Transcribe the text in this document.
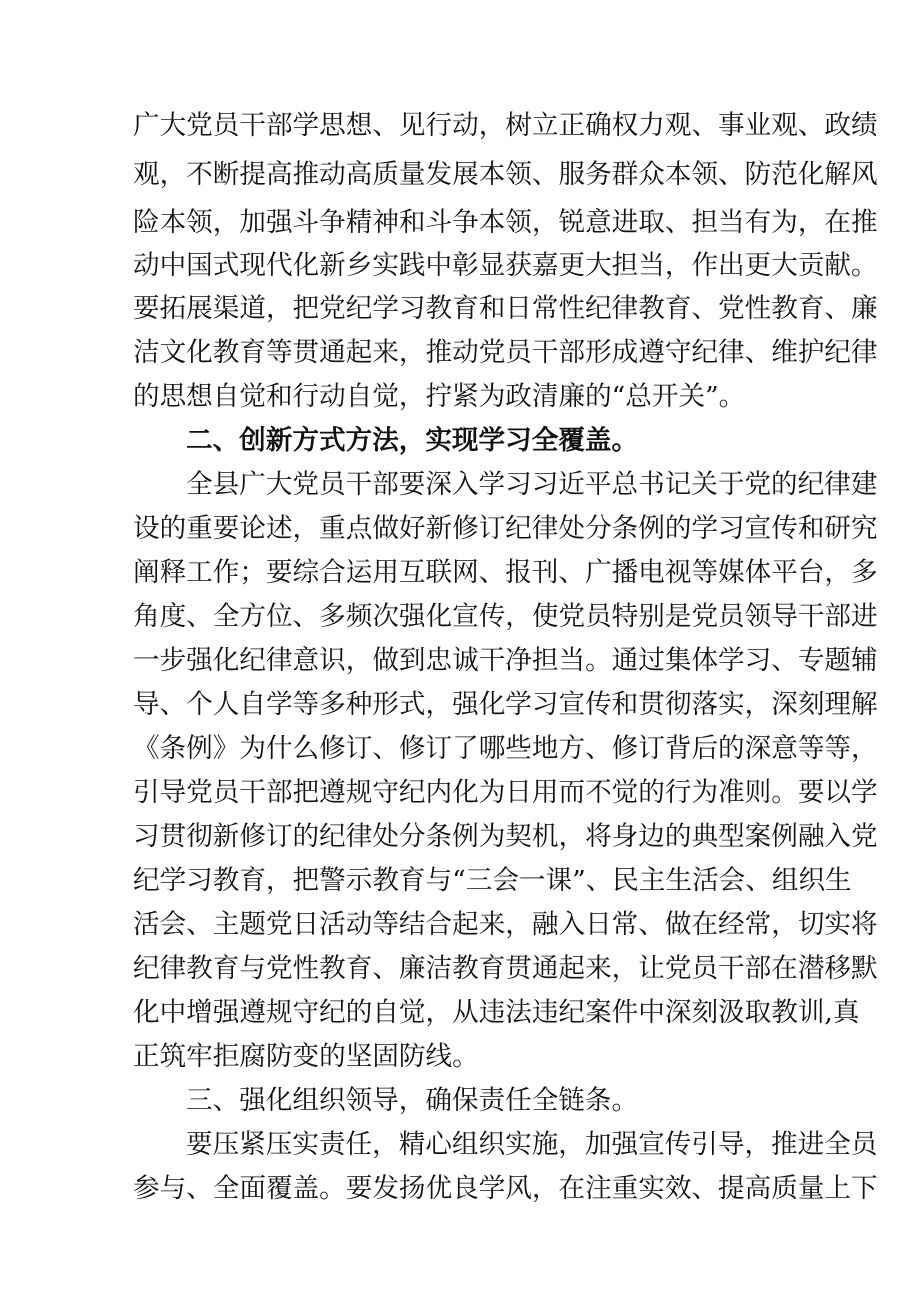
广大党员干部学思想、见行动，树立正确权力观、事业观、政绩
观，不断提高推动高质量发展本领、服务群众本领、防范化解风
险本领，加强斗争精神和斗争本领，锐意进取、担当有为，在推
动中国式现代化新乡实践中彰显获嘉更大担当，作出更大贡献。
要拓展渠道，把党纪学习教育和日常性纪律教育、党性教育、廉
洁文化教育等贯通起来，推动党员干部形成遵守纪律、维护纪律
的思想自觉和行动自觉，拧紧为政清廉的“总开关”。
二、创新方式方法，实现学习全覆盖。
全县广大党员干部要深入学习习近平总书记关于党的纪律建
设的重要论述，重点做好新修订纪律处分条例的学习宣传和研究
阐释工作；要综合运用互联网、报刊、广播电视等媒体平台，多
角度、全方位、多频次强化宣传，使党员特别是党员领导干部进
一步强化纪律意识，做到忠诚干净担当。通过集体学习、专题辅
导、个人自学等多种形式，强化学习宣传和贯彻落实，深刻理解
《条例》为什么修订、修订了哪些地方、修订背后的深意等等，
引导党员干部把遵规守纪内化为日用而不觉的行为准则。要以学
习贯彻新修订的纪律处分条例为契机，将身边的典型案例融入党
纪学习教育，把警示教育与“三会一课”、民主生活会、组织生
活会、主题党日活动等结合起来，融入日常、做在经常，切实将
纪律教育与党性教育、廉洁教育贯通起来，让党员干部在潜移默
化中增强遵规守纪的自觉，从违法违纪案件中深刻汲取教训,真
正筑牢拒腐防变的坚固防线。
三、强化组织领导，确保责任全链条。
要压紧压实责任，精心组织实施，加强宣传引导，推进全员
参与、全面覆盖。要发扬优良学风，在注重实效、提高质量上下
